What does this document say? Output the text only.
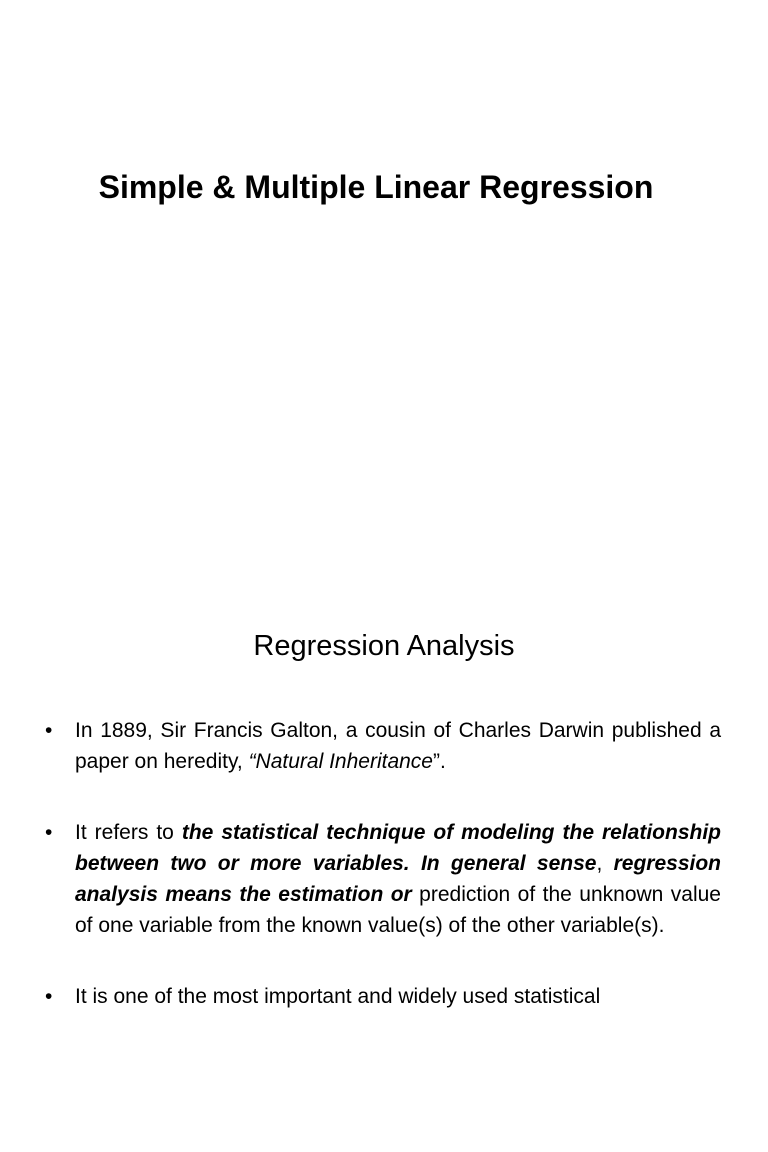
Simple & Multiple Linear Regression
Regression Analysis
• In 1889, Sir Francis Galton, a cousin of Charles Darwin published a paper on heredity, “Natural Inheritance”.
• It refers to the statistical technique of modeling the relationship between two or more variables. In general sense, regression analysis means the estimation or prediction of the unknown value of one variable from the known value(s) of the other variable(s).
• It is one of the most important and widely used statistical
